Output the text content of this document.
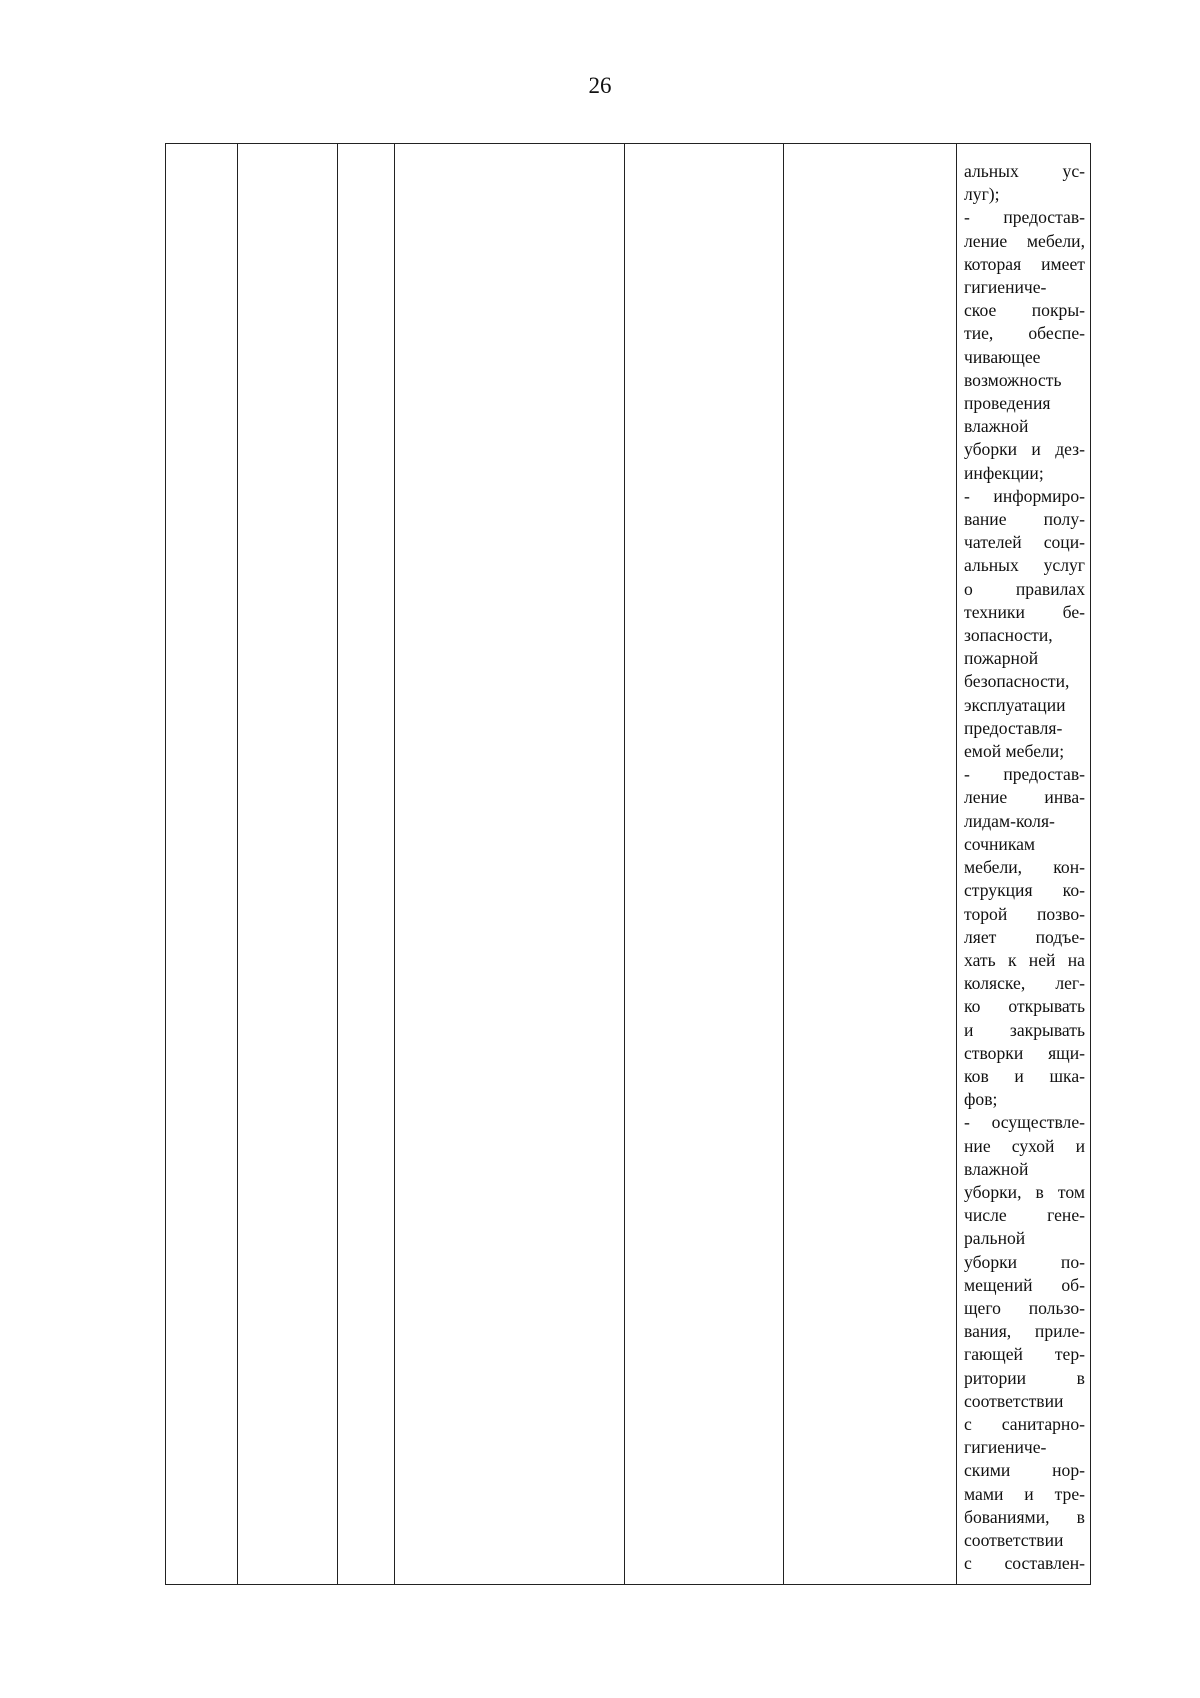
26

альных ус-
луг);
- предостав-
ление мебели,
которая имеет
гигиениче-
ское покры-
тие, обеспе-
чивающее
возможность
проведения
влажной
уборки и дез-
инфекции;
- информиро-
вание полу-
чателей соци-
альных услуг
о правилах
техники бе-
зопасности,
пожарной
безопасности,
эксплуатации
предоставля-
емой мебели;
- предостав-
ление инва-
лидам-коля-
сочникам
мебели, кон-
струкция ко-
торой позво-
ляет подъе-
хать к ней на
коляске, лег-
ко открывать
и закрывать
створки ящи-
ков и шка-
фов;
- осуществле-
ние сухой и
влажной
уборки, в том
числе гене-
ральной
уборки по-
мещений об-
щего пользо-
вания, приле-
гающей тер-
ритории в
соответствии
с санитарно-
гигиениче-
скими нор-
мами и тре-
бованиями, в
соответствии
с составлен-
